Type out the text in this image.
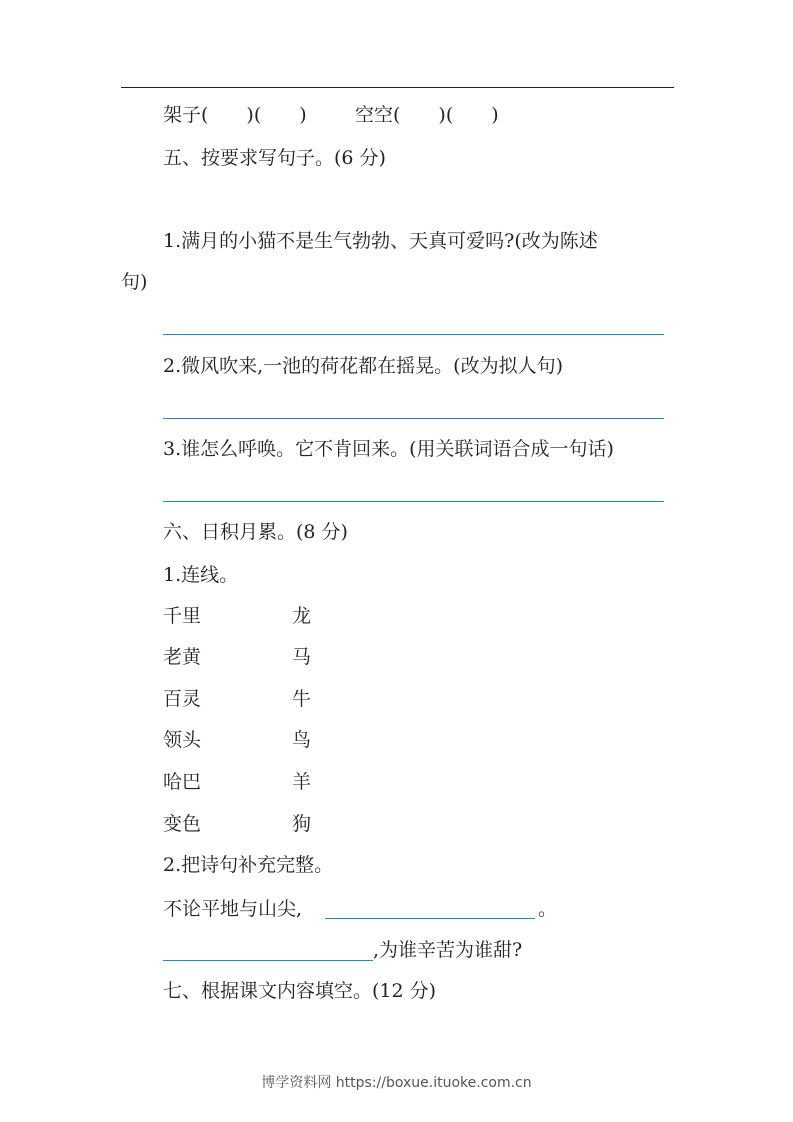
架子(　　)(　　)	空空(　　)(　　)
五、按要求写句子。(6 分)
1.满月的小猫不是生气勃勃、天真可爱吗?(改为陈述
句)
2.微风吹来,一池的荷花都在摇晃。(改为拟人句)
3.谁怎么呼唤。它不肯回来。(用关联词语合成一句话)
六、日积月累。(8 分)
1.连线。
千里	龙
老黄	马
百灵	牛
领头	鸟
哈巴	羊
变色	狗
2.把诗句补充完整。
不论平地与山尖,	。
,为谁辛苦为谁甜?
七、根据课文内容填空。(12 分)
博学资料网 https://boxue.ituoke.com.cn
